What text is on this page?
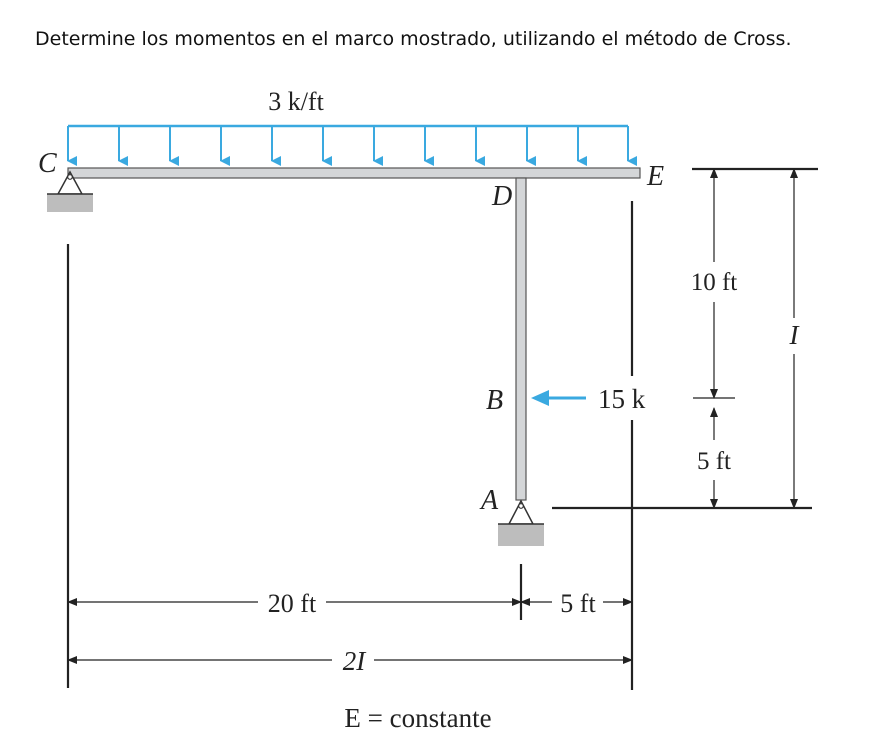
Determine los momentos en el marco mostrado, utilizando el método de Cross.
3 k/ft
C
D
E
B
A
15 k
10 ft
5 ft
I
20 ft	5 ft
2I
E = constante
